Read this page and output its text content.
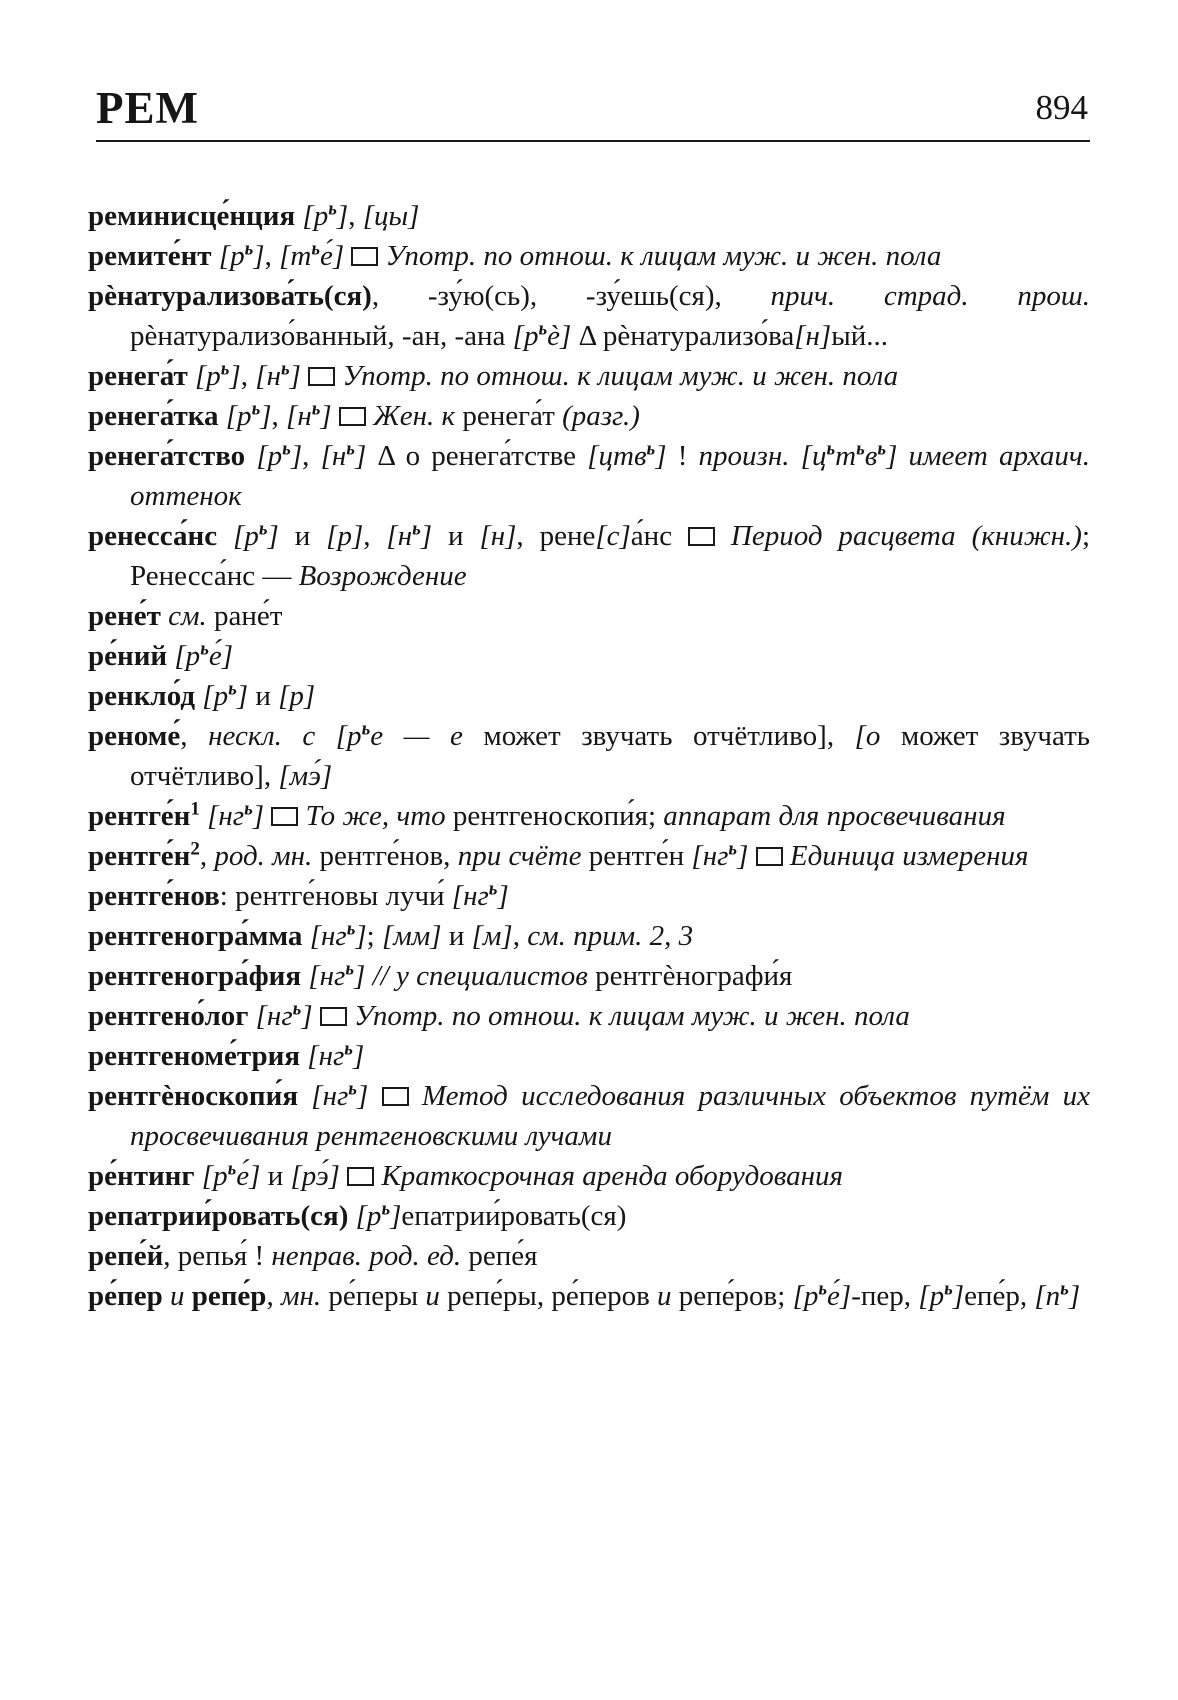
РЕМ	894

реминисце́нция $[р^ь]$, [цы]

ремите́нт $[р^ь]$, $[т^ье́]$ Употр. по отнош. к лицам муж. и жен. пола

рѐнатурализова́ть(ся), -зу́ю(сь), -зу́ешь(ся), прич. страд. прош. рѐнатурализо́ванный, -ан, -ана $[р^ьѐ]$ Δ рѐнатурализо́ва[н]ый...

ренега́т $[р^ь]$, $[н^ь]$ Употр. по отнош. к лицам муж. и жен. пола

ренега́тка $[р^ь]$, $[н^ь]$ Жен. к ренега́т (разг.)

ренега́тство $[р^ь]$, $[н^ь]$ Δ о ренега́тстве [цтв$^ь$] ! произн. $[ц^ьт^ьв^ь]$ имеет архаич. оттенок

ренесса́нс $[р^ь]$ и [р], $[н^ь]$ и [н], рене[с]а́нс  Период расцвета (книжн.); Ренесса́нс — Возрождение

рене́т см. ране́т

ре́ний $[р^ье́]$

ренкло́д $[р^ь]$ и [р]

реноме́, нескл. с [$р^ье$ — е может звучать отчётливо], [о может звучать отчётливо], [мэ́]

$рентге́н^1$ $[нг^ь]$ То же, что рентгеноскопи́я; аппарат для просвечивания

$рентге́н^2$, род. мн. рентге́нов, при счёте рентге́н $[нг^ь]$ Единица измерения

рентге́нов: рентге́новы лучи́ $[нг^ь]$

рентгеногра́мма $[нг^ь]$; [мм] и [м], см. прим. 2, 3

рентгеногра́фия $[нг^ь]$ // у специалистов рентгѐнографи́я

рентгено́лог $[нг^ь]$ Употр. по отнош. к лицам муж. и жен. пола

рентгеноме́трия $[нг^ь]$

рентгѐноскопи́я $[нг^ь]$ Метод исследования различных объектов путём их просвечивания рентгеновскими лучами

ре́нтинг $[р^ье́]$ и [рэ́] Краткосрочная аренда оборудования

репатрии́ровать(ся) $[р^ь]епатрии́ровать(ся)$

репе́й, репья́ ! неправ. род. ед. репе́я

ре́пер и репе́р, мн. ре́перы и репе́ры, ре́перов и репе́ров; $[р^ье́]$-пер, $[р^ь]епе́р$, $[п^ь]$
